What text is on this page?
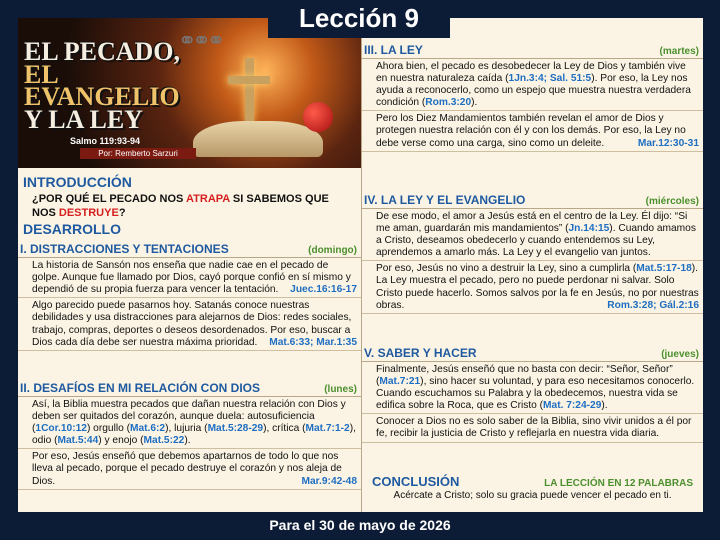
Lección 9
⚭⚭⚭
EL PECADO,
EL
EVANGELIO
Y LA LEY
Salmo 119:93-94
Por: Remberto Sarzuri
INTRODUCCIÓN
¿POR QUÉ EL PECADO NOS ATRAPA SI SABEMOS QUE NOS DESTRUYE?
DESARROLLO
I. DISTRACCIONES Y TENTACIONES	(domingo)
La historia de Sansón nos enseña que nadie cae en el pecado de golpe. Aunque fue llamado por Dios, cayó porque confió en sí mismo y dependió de su propia fuerza para vencer la tentación.	Juec.16:16-17
Algo parecido puede pasarnos hoy. Satanás conoce nuestras debilidades y usa distracciones para alejarnos de Dios: redes sociales, trabajo, compras, deportes o deseos desordenados. Por eso, buscar a Dios cada día debe ser nuestra máxima prioridad.	Mat.6:33; Mar.1:35
II. DESAFÍOS EN MI RELACIÓN CON DIOS	(lunes)
Así, la Biblia muestra pecados que dañan nuestra relación con Dios y deben ser quitados del corazón, aunque duela: autosuficiencia (1Cor.10:12) orgullo (Mat.6:2), lujuria (Mat.5:28-29), crítica (Mat.7:1-2), odio (Mat.5:44) y enojo (Mat.5:22).
Por eso, Jesús enseñó que debemos apartarnos de todo lo que nos lleva al pecado, porque el pecado destruye el corazón y nos aleja de Dios.	Mar.9:42-48
III. LA LEY	(martes)
Ahora bien, el pecado es desobedecer la Ley de Dios y también vive en nuestra naturaleza caída (1Jn.3:4; Sal. 51:5). Por eso, la Ley nos ayuda a reconocerlo, como un espejo que muestra nuestra verdadera condición (Rom.3:20).
Pero los Diez Mandamientos también revelan el amor de Dios y protegen nuestra relación con él y con los demás. Por eso, la Ley no debe verse como una carga, sino como un deleite.	Mar.12:30-31
IV. LA LEY Y EL EVANGELIO	(miércoles)
De ese modo, el amor a Jesús está en el centro de la Ley. Él dijo: “Si me aman, guardarán mis mandamientos” (Jn.14:15). Cuando amamos a Cristo, deseamos obedecerlo y cuando entendemos su Ley, aprendemos a amarlo más. La Ley y el evangelio van juntos.
Por eso, Jesús no vino a destruir la Ley, sino a cumplirla (Mat.5:17-18). La Ley muestra el pecado, pero no puede perdonar ni salvar. Solo Cristo puede hacerlo. Somos salvos por la fe en Jesús, no por nuestras obras.	Rom.3:28; Gál.2:16
V. SABER Y HACER	(jueves)
Finalmente, Jesús enseñó que no basta con decir: “Señor, Señor” (Mat.7:21), sino hacer su voluntad, y para eso necesitamos conocerlo. Cuando escuchamos su Palabra y la obedecemos, nuestra vida se edifica sobre la Roca, que es Cristo (Mat. 7:24-29).
Conocer a Dios no es solo saber de la Biblia, sino vivir unidos a él por fe, recibir la justicia de Cristo y reflejarla en nuestra vida diaria.
CONCLUSIÓN	LA LECCIÓN EN 12 PALABRAS
Acércate a Cristo; solo su gracia puede vencer el pecado en ti.
Para el 30 de mayo de 2026
